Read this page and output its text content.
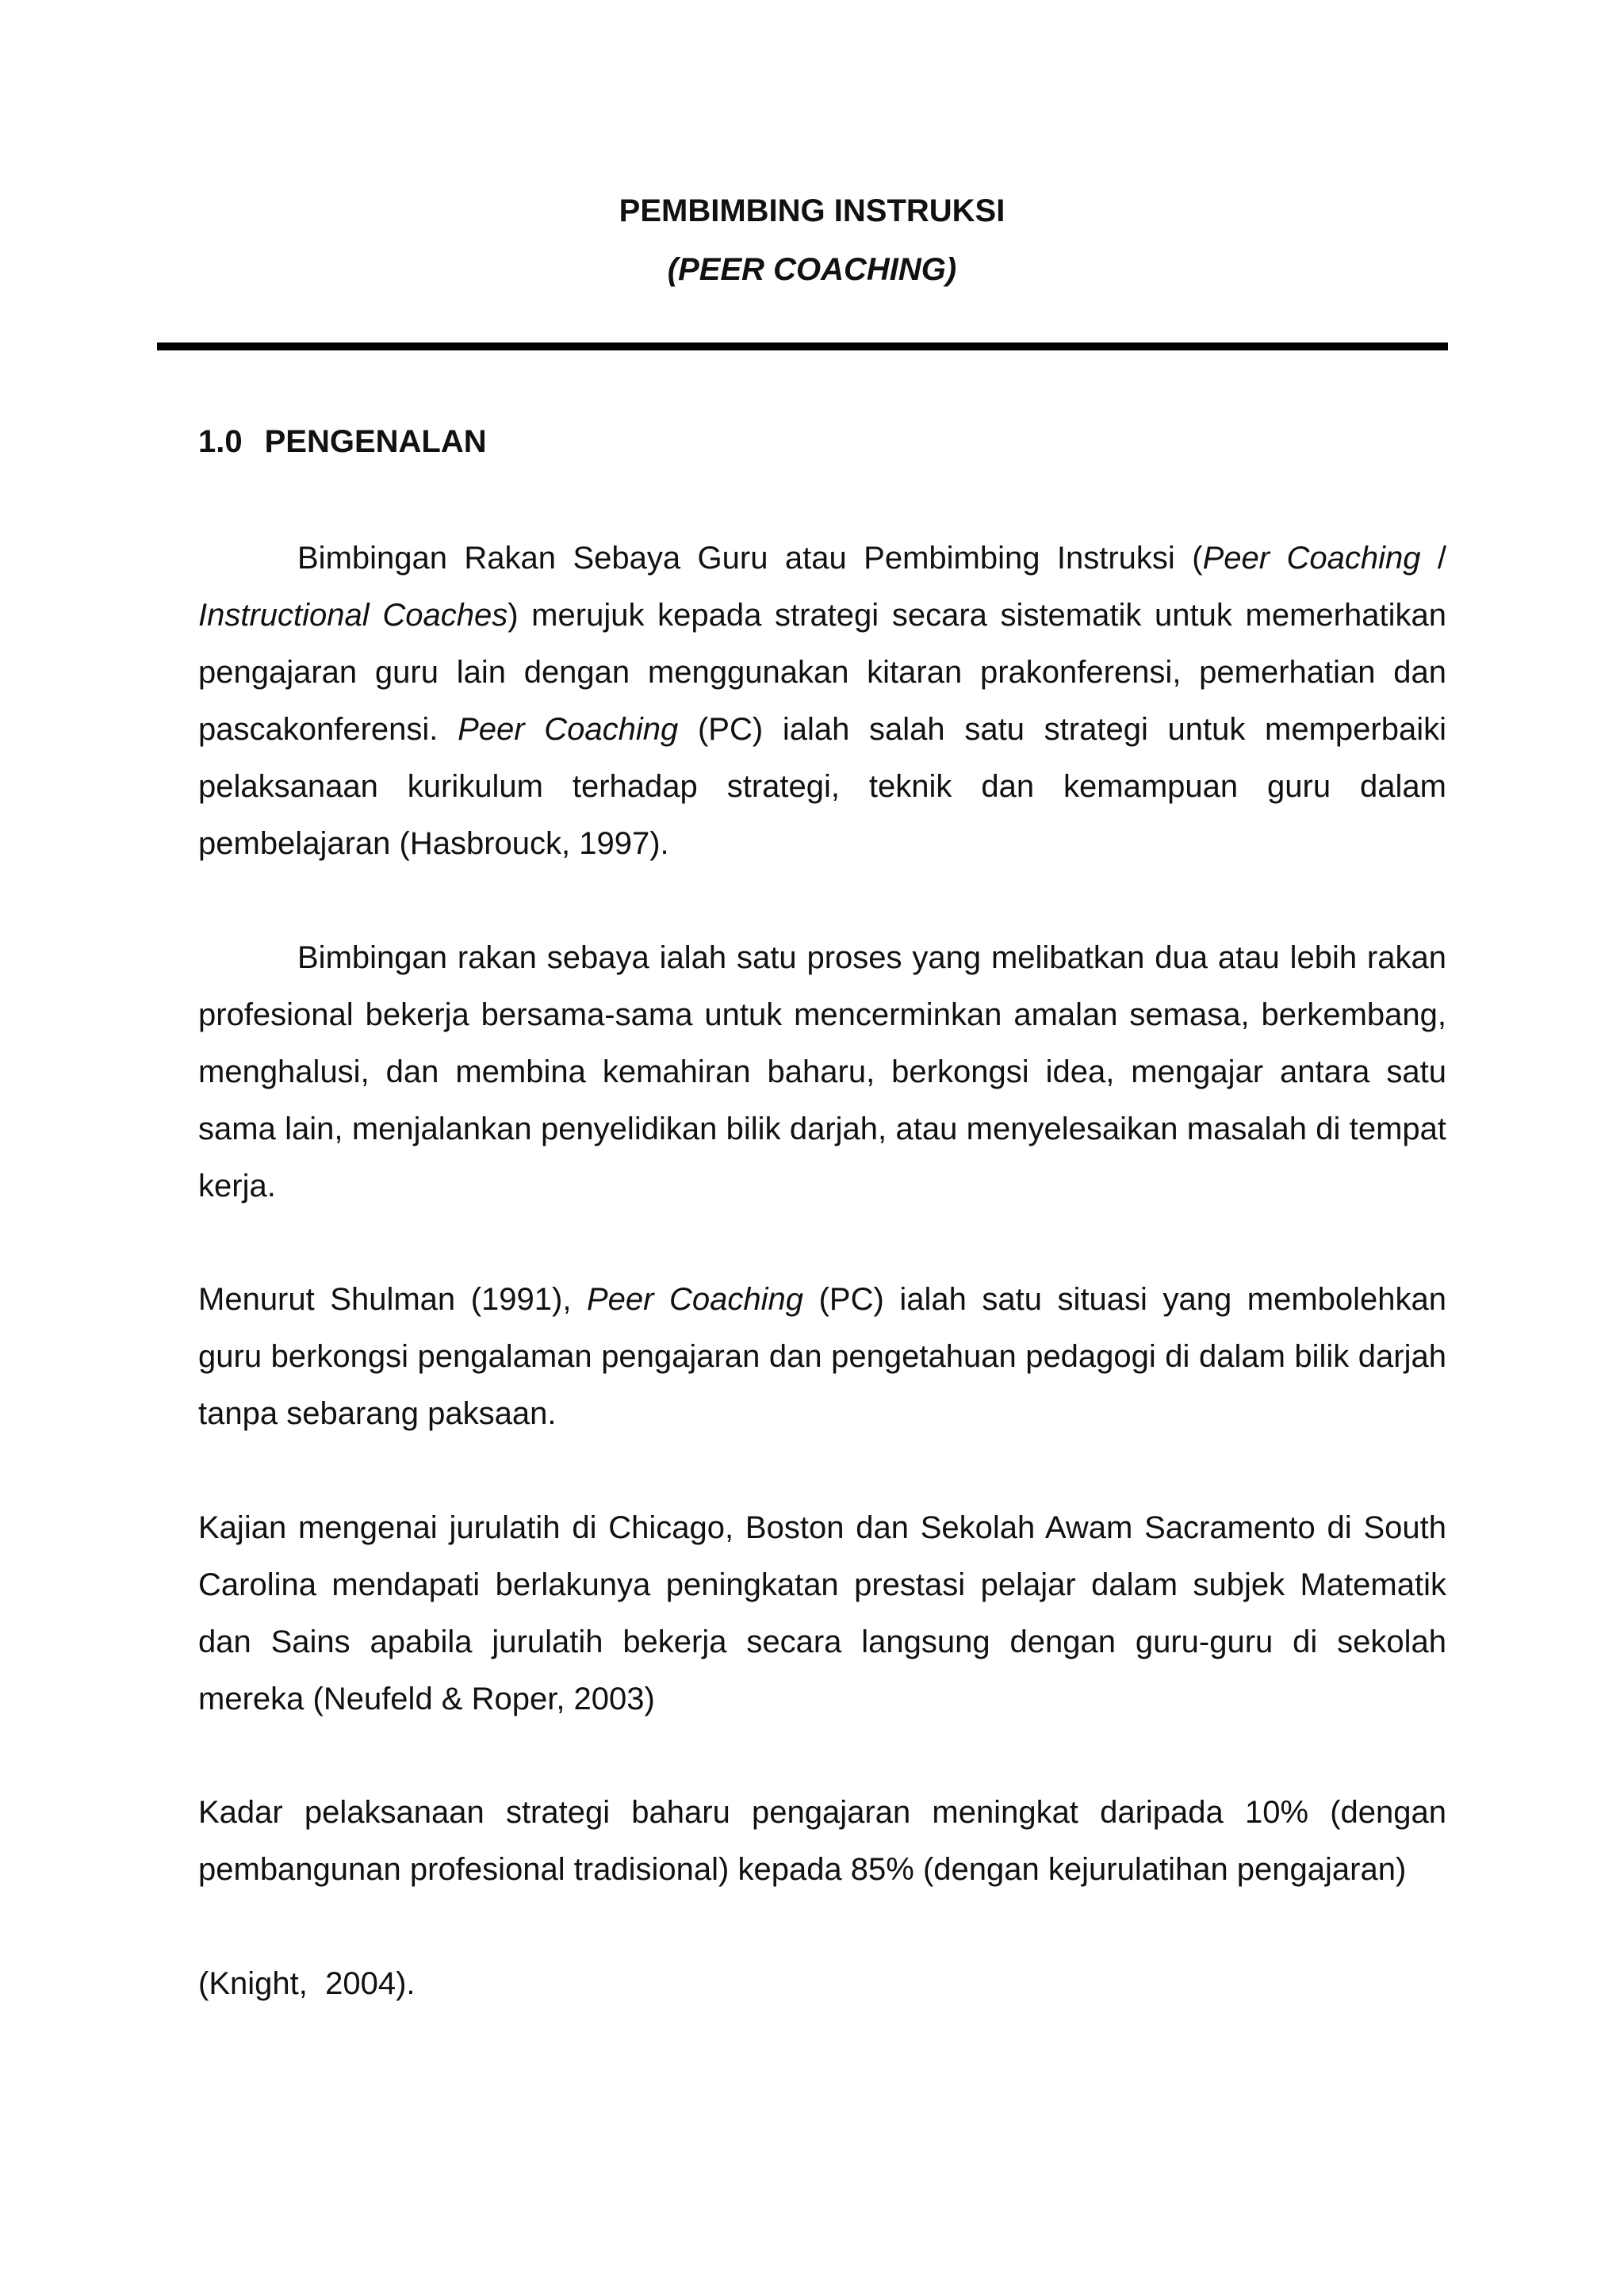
PEMBIMBING INSTRUKSI
(PEER COACHING)
1.0 PENGENALAN

Bimbingan Rakan Sebaya Guru atau Pembimbing Instruksi (Peer Coaching / Instructional Coaches) merujuk kepada strategi secara sistematik untuk memerhatikan pengajaran guru lain dengan menggunakan kitaran prakonferensi, pemerhatian dan pascakonferensi. Peer Coaching (PC) ialah salah satu strategi untuk memperbaiki pelaksanaan kurikulum terhadap strategi, teknik dan kemampuan guru dalam pembelajaran (Hasbrouck, 1997).

Bimbingan rakan sebaya ialah satu proses yang melibatkan dua atau lebih rakan profesional bekerja bersama-sama untuk mencerminkan amalan semasa, berkembang, menghalusi, dan membina kemahiran baharu, berkongsi idea, mengajar antara satu sama lain, menjalankan penyelidikan bilik darjah, atau menyelesaikan masalah di tempat kerja.

Menurut Shulman (1991), Peer Coaching (PC) ialah satu situasi yang membolehkan guru berkongsi pengalaman pengajaran dan pengetahuan pedagogi di dalam bilik darjah tanpa sebarang paksaan.

Kajian mengenai jurulatih di Chicago, Boston dan Sekolah Awam Sacramento di South Carolina mendapati berlakunya peningkatan prestasi pelajar dalam subjek Matematik dan Sains apabila jurulatih bekerja secara langsung dengan guru-guru di sekolah mereka (Neufeld & Roper, 2003)

Kadar pelaksanaan strategi baharu pengajaran meningkat daripada 10% (dengan pembangunan profesional tradisional) kepada 85% (dengan kejurulatihan pengajaran)

(Knight,  2004).
